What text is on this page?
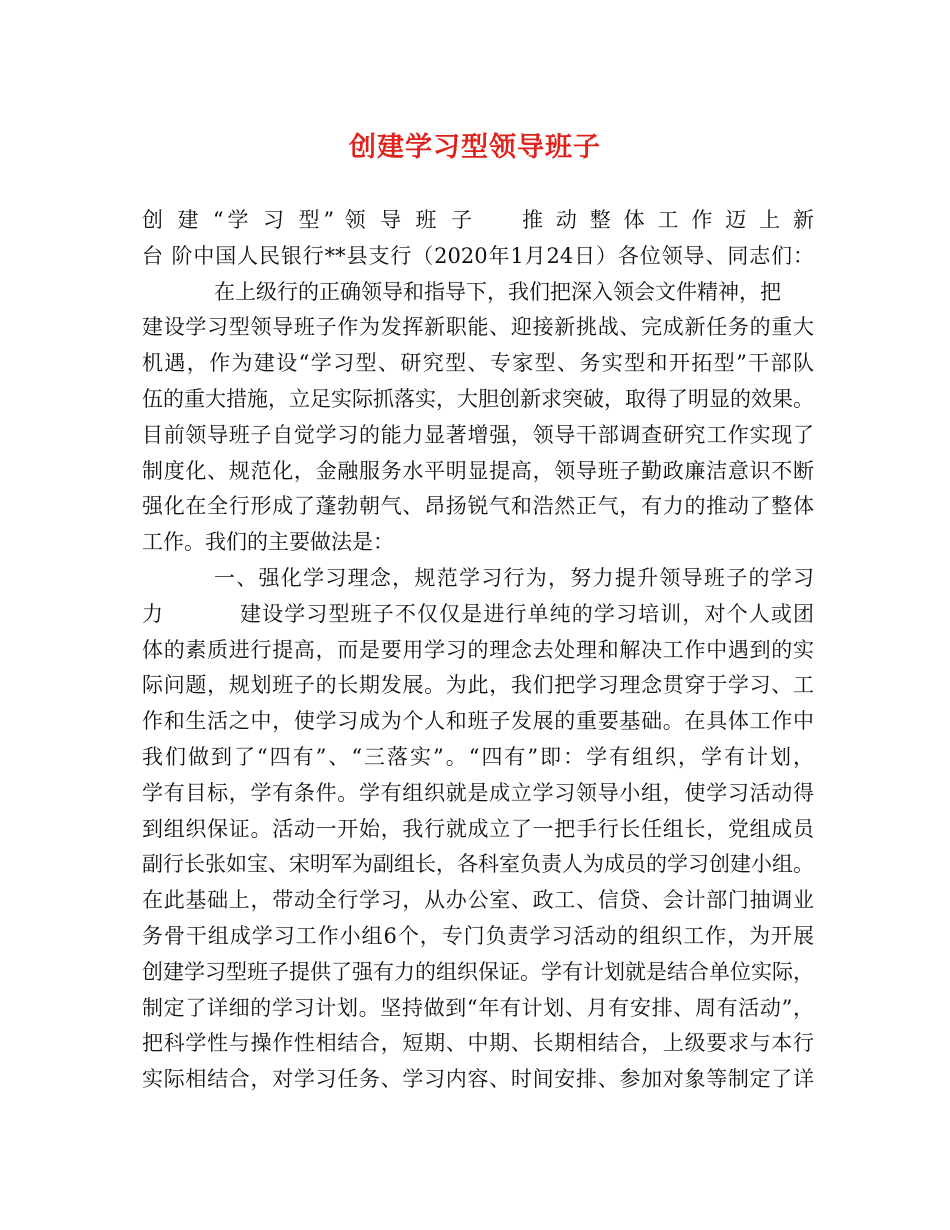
创建学习型领导班子
创 建 “学 习 型” 领 导 班 子 推 动 整 体 工 作 迈 上 新
台 阶中国人民银行**县支行（2020年1月24日）各位领导、同志们：
在上级行的正确领导和指导下，我们把深入领会文件精神，把
建设学习型领导班子作为发挥新职能、迎接新挑战、完成新任务的重大
机遇，作为建设“学习型、研究型、专家型、务实型和开拓型”干部队
伍的重大措施，立足实际抓落实，大胆创新求突破，取得了明显的效果。
目前领导班子自觉学习的能力显著增强，领导干部调查研究工作实现了
制度化、规范化，金融服务水平明显提高，领导班子勤政廉洁意识不断
强化在全行形成了蓬勃朝气、昂扬锐气和浩然正气，有力的推动了整体
工作。我们的主要做法是：
一、强化学习理念，规范学习行为，努力提升领导班子的学习
力	建设学习型班子不仅仅是进行单纯的学习培训，对个人或团
体的素质进行提高，而是要用学习的理念去处理和解决工作中遇到的实
际问题，规划班子的长期发展。为此，我们把学习理念贯穿于学习、工
作和生活之中，使学习成为个人和班子发展的重要基础。在具体工作中
我们做到了“四有”、“三落实”。“四有”即：学有组织，学有计划，
学有目标，学有条件。学有组织就是成立学习领导小组，使学习活动得
到组织保证。活动一开始，我行就成立了一把手行长任组长，党组成员
副行长张如宝、宋明军为副组长，各科室负责人为成员的学习创建小组。
在此基础上，带动全行学习，从办公室、政工、信贷、会计部门抽调业
务骨干组成学习工作小组6个，专门负责学习活动的组织工作，为开展
创建学习型班子提供了强有力的组织保证。学有计划就是结合单位实际，
制定了详细的学习计划。坚持做到“年有计划、月有安排、周有活动”，
把科学性与操作性相结合，短期、中期、长期相结合，上级要求与本行
实际相结合，对学习任务、学习内容、时间安排、参加对象等制定了详
